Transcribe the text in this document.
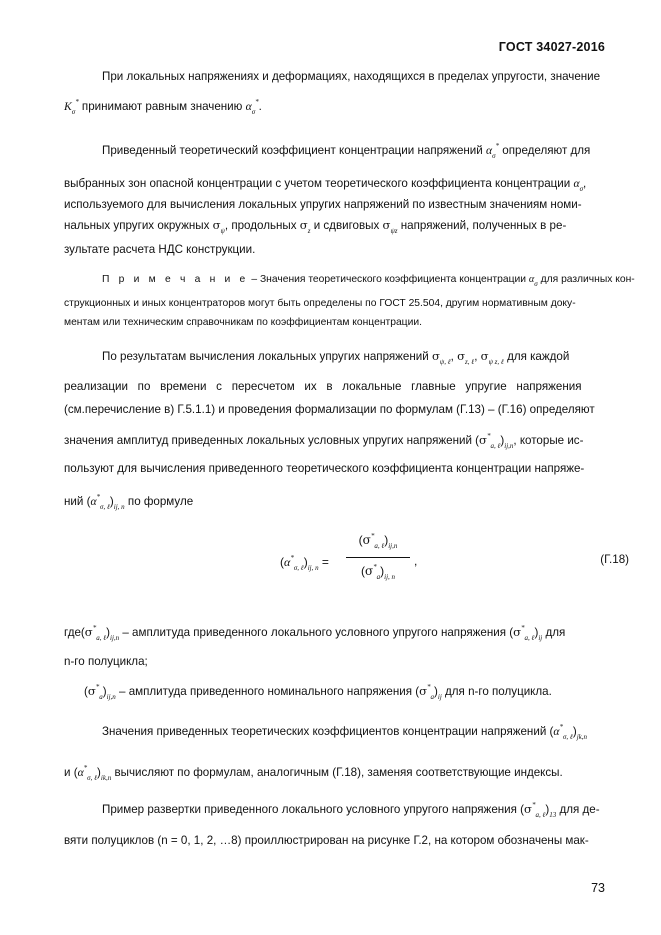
ГОСТ 34027-2016
При локальных напряжениях и деформациях, находящихся в пределах упругости, значение
$K_\sigma^*$ принимают равным значению $\alpha_\sigma^*$.
Приведенный теоретический коэффициент концентрации напряжений $\alpha_\sigma^*$ определяют для
выбранных зон опасной концентрации с учетом теоретического коэффициента концентрации $\alpha_\sigma$,
используемого для вычисления локальных упругих напряжений по известным значениям номи-
нальных упругих окружных $\sigma_\psi$, продольных $\sigma_z$ и сдвиговых $\sigma_{\psi z}$ напряжений, полученных в ре-
зультате расчета НДС конструкции.
П р и м е ч а н и е – Значения теоретического коэффициента концентрации $\alpha_\sigma$ для различных кон-
струкционных и иных концентраторов могут быть определены по ГОСТ 25.504, другим нормативным доку-
ментам или техническим справочникам по коэффициентам концентрации.
По результатам вычисления локальных упругих напряжений $\sigma_{\psi, \ell}$, $\sigma_{z, \ell}$, $\sigma_{\psi z, \ell}$ для каждой
реализации по времени с пересчетом их в локальные главные упругие напряжения
(см.перечисление в) Г.5.1.1) и проведения формализации по формулам (Г.13) – (Г.16) определяют
значения амплитуд приведенных локальных условных упругих напряжений $(\sigma^*_{a, \ell})_{ij,n}$, которые ис-
пользуют для вычисления приведенного теоретического коэффициента концентрации напряже-
ний $(\alpha^*_{\sigma, \ell})_{ij, n}$ по формуле
$(\alpha^*_{\sigma, \ell})_{ij, n}$ =
$(\sigma^*_{a, \ell})_{ij,n}$
$(\sigma^*_a)_{ij, n}$
,	(Г.18)
$где(\sigma^*_{a, \ell})_{ij,n}$ – амплитуда приведенного локального условного упругого напряжения $(\sigma^*_{a, \ell})_{ij}$ для
n-го полуцикла;
$(\sigma^*_a)_{ij,n}$ – амплитуда приведенного номинального напряжения $(\sigma^*_a)_{ij}$ для n-го полуцикла.
Значения приведенных теоретических коэффициентов концентрации напряжений $(\alpha^*_{\sigma, \ell})_{jk,n}$
и $(\alpha^*_{\sigma, \ell})_{ik,n}$ вычисляют по формулам, аналогичным (Г.18), заменяя соответствующие индексы.
Пример развертки приведенного локального условного упругого напряжения $(\sigma^*_{a, \ell})_{13}$ для де-
вяти полуциклов (n = 0, 1, 2, …8) проиллюстрирован на рисунке Г.2, на котором обозначены мак-
73
